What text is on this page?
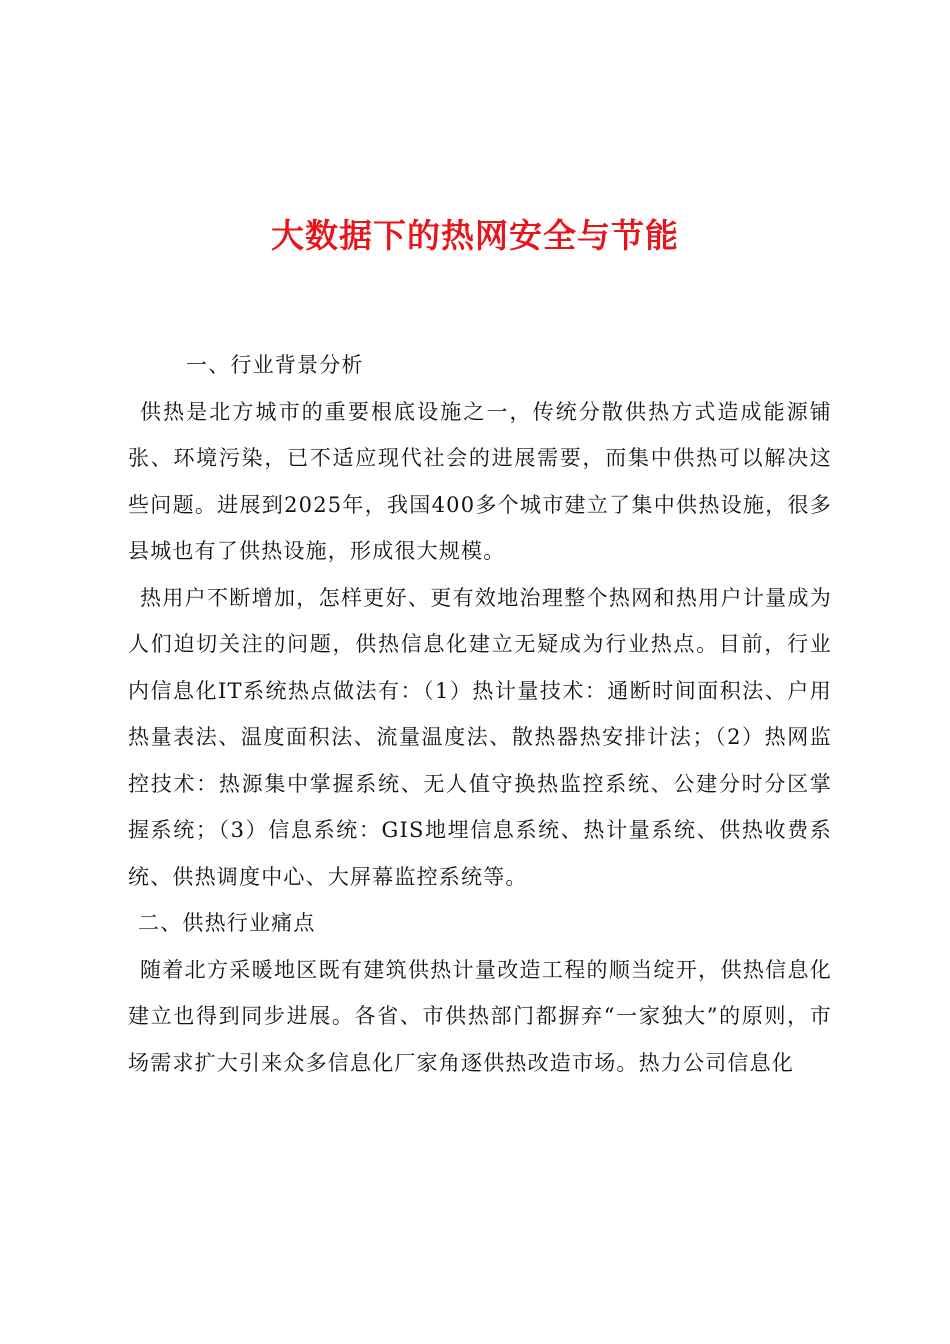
大数据下的热网安全与节能

一、行业背景分析

供热是北方城市的重要根底设施之一，传统分散供热方式造成能源铺张、环境污染，已不适应现代社会的进展需要，而集中供热可以解决这些问题。进展到2025年，我国400多个城市建立了集中供热设施，很多县城也有了供热设施，形成很大规模。

热用户不断增加，怎样更好、更有效地治理整个热网和热用户计量成为人们迫切关注的问题，供热信息化建立无疑成为行业热点。目前，行业内信息化IT系统热点做法有：（1）热计量技术：通断时间面积法、户用热量表法、温度面积法、流量温度法、散热器热安排计法；（2）热网监控技术：热源集中掌握系统、无人值守换热监控系统、公建分时分区掌握系统；（3）信息系统：GIS地埋信息系统、热计量系统、供热收费系统、供热调度中心、大屏幕监控系统等。

二、供热行业痛点

随着北方采暖地区既有建筑供热计量改造工程的顺当绽开，供热信息化建立也得到同步进展。各省、市供热部门都摒弃“一家独大”的原则，市场需求扩大引来众多信息化厂家角逐供热改造市场。热力公司信息化
